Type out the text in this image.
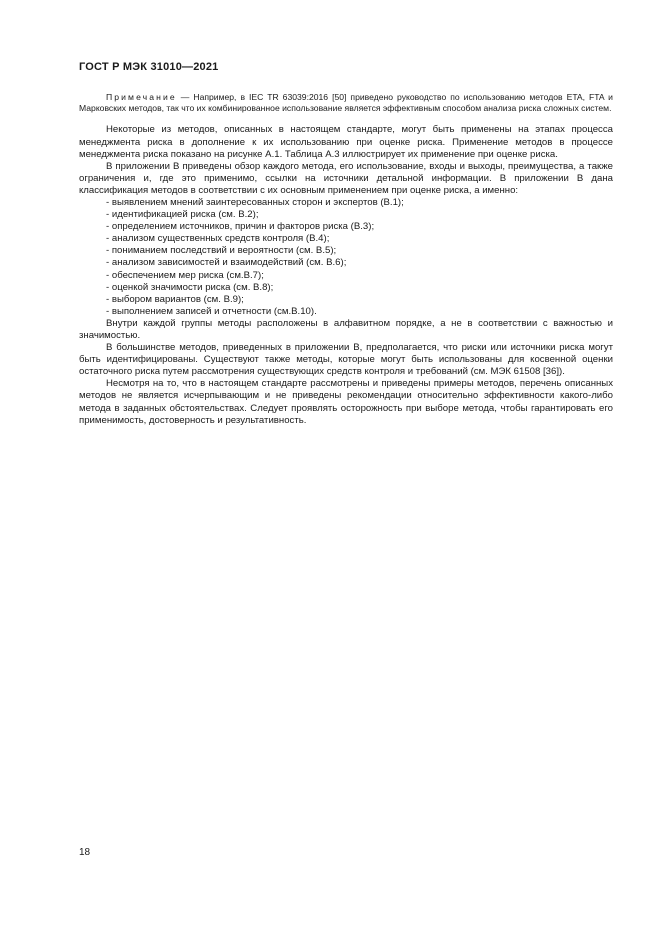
ГОСТ Р МЭК 31010—2021
Примечание — Например, в IEC TR 63039:2016 [50] приведено руководство по использованию методов ETA, FTA и Марковских методов, так что их комбинированное использование является эффективным способом анализа риска сложных систем.

Некоторые из методов, описанных в настоящем стандарте, могут быть применены на этапах процесса менеджмента риска в дополнение к их использованию при оценке риска. Применение методов в процессе менеджмента риска показано на рисунке А.1. Таблица А.3 иллюстрирует их применение при оценке риска.

В приложении В приведены обзор каждого метода, его использование, входы и выходы, преимущества, а также ограничения и, где это применимо, ссылки на источники детальной информации. В приложении В дана классификация методов в соответствии с их основным применением при оценке риска, а именно:

- выявлением мнений заинтересованных сторон и экспертов (B.1);
- идентификацией риска (см. B.2);
- определением источников, причин и факторов риска (B.3);
- анализом существенных средств контроля (B.4);
- пониманием последствий и вероятности (см. B.5);
- анализом зависимостей и взаимодействий (см. B.6);
- обеспечением мер риска (см.B.7);
- оценкой значимости риска (см. B.8);
- выбором вариантов (см. B.9);
- выполнением записей и отчетности (см.B.10).

Внутри каждой группы методы расположены в алфавитном порядке, а не в соответствии с важностью и значимостью.

В большинстве методов, приведенных в приложении В, предполагается, что риски или источники риска могут быть идентифицированы. Существуют также методы, которые могут быть использованы для косвенной оценки остаточного риска путем рассмотрения существующих средств контроля и требований (см. МЭК 61508 [36]).

Несмотря на то, что в настоящем стандарте рассмотрены и приведены примеры методов, перечень описанных методов не является исчерпывающим и не приведены рекомендации относительно эффективности какого-либо метода в заданных обстоятельствах. Следует проявлять осторожность при выборе метода, чтобы гарантировать его применимость, достоверность и результативность.

18
